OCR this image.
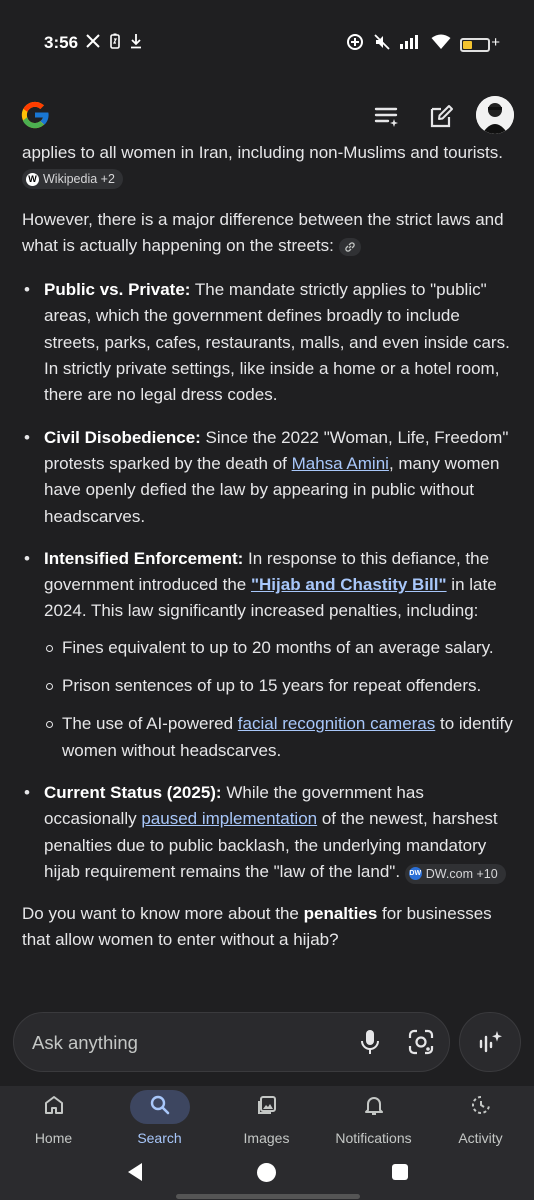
3:56	+
applies to all women in Iran, including non-Muslims and tourists.
W Wikipedia +2
However, there is a major difference between the strict laws and what is actually happening on the streets:
• Public vs. Private: The mandate strictly applies to "public" areas, which the government defines broadly to include streets, parks, cafes, restaurants, malls, and even inside cars. In strictly private settings, like inside a home or a hotel room, there are no legal dress codes.
• Civil Disobedience: Since the 2022 "Woman, Life, Freedom" protests sparked by the death of Mahsa Amini, many women have openly defied the law by appearing in public without headscarves.
• Intensified Enforcement: In response to this defiance, the government introduced the "Hijab and Chastity Bill" in late 2024. This law significantly increased penalties, including:
Fines equivalent to up to 20 months of an average salary.
Prison sentences of up to 15 years for repeat offenders.
The use of AI-powered facial recognition cameras to identify women without headscarves.
• Current Status (2025): While the government has occasionally paused implementation of the newest, harshest penalties due to public backlash, the underlying mandatory hijab requirement remains the "law of the land". DW DW.com +10
Do you want to know more about the penalties for businesses that allow women to enter without a hijab?
Ask anything
Home	Search	Images	Notifications	Activity
